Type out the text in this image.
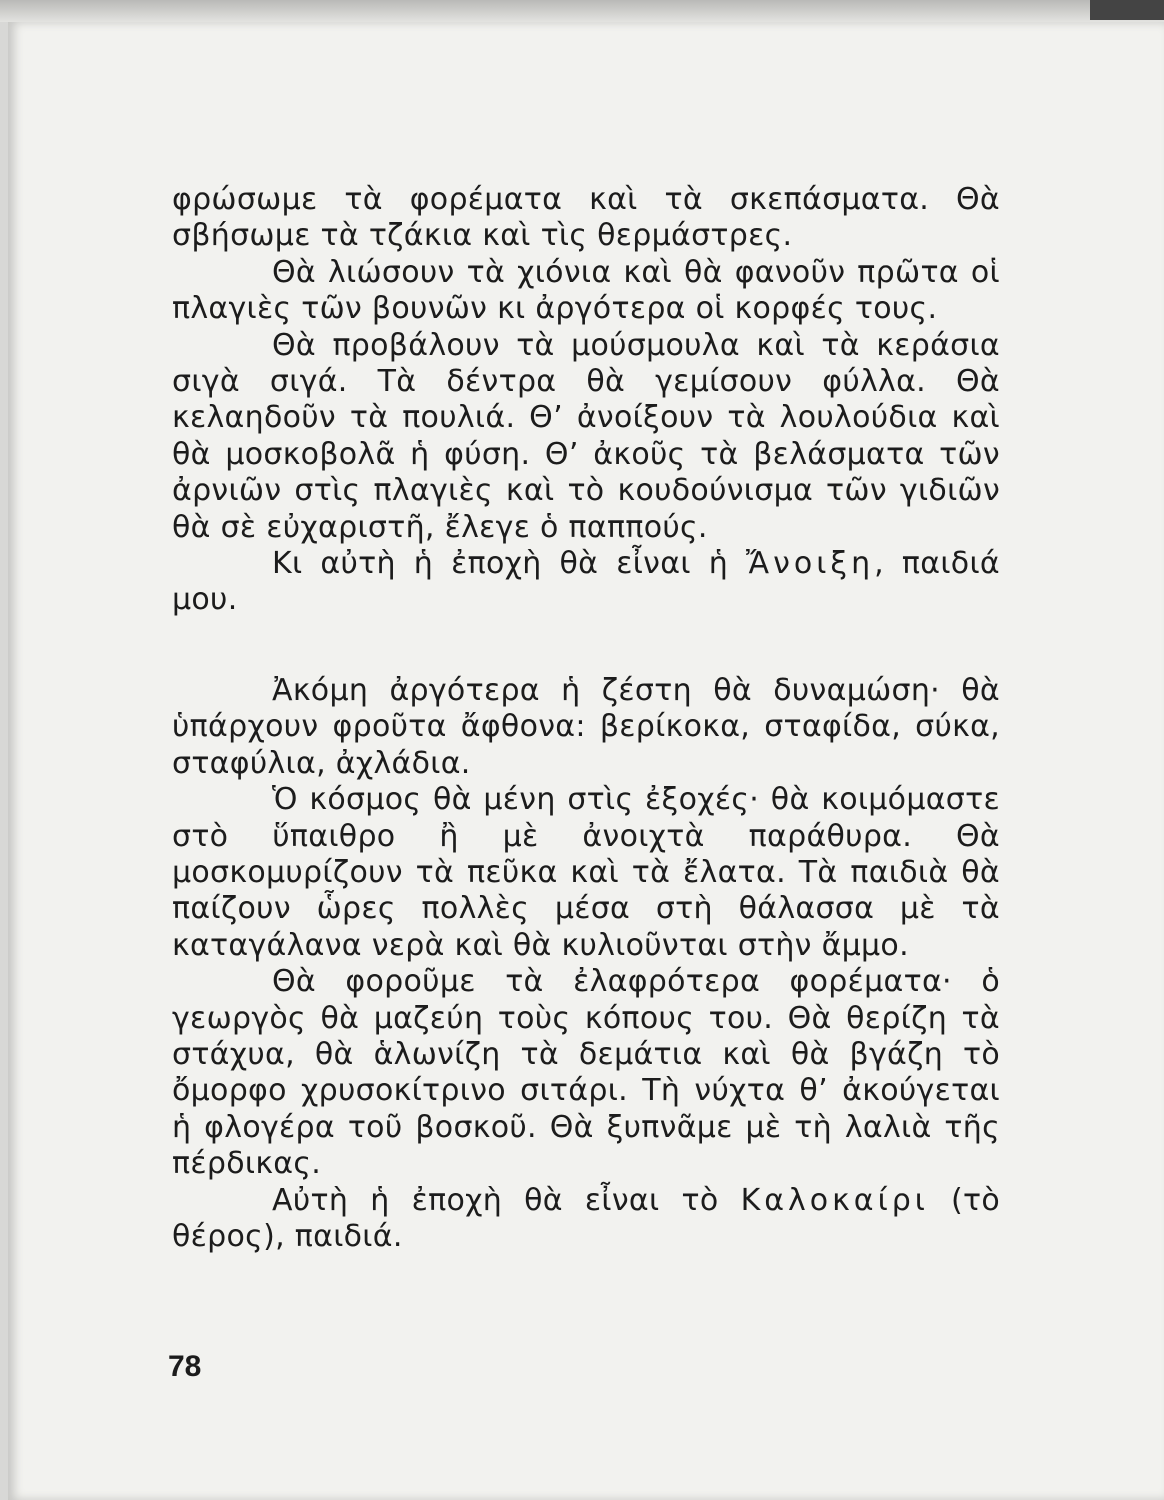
φρώσωμε τὰ φορέματα καὶ τὰ σκεπάσματα. Θὰ σβήσωμε τὰ τζάκια καὶ τὶς θερμάστρες.

Θὰ λιώσουν τὰ χιόνια καὶ θὰ φανοῦν πρῶτα οἱ πλαγιὲς τῶν βουνῶν κι ἀργότερα οἱ κορφές τους.

Θὰ προβάλουν τὰ μούσμουλα καὶ τὰ κεράσια σιγὰ σιγά. Τὰ δέντρα θὰ γεμίσουν φύλλα. Θὰ κελαηδοῦν τὰ πουλιά. Θ’ ἀνοίξουν τὰ λουλούδια καὶ θὰ μοσκοβολᾶ ἡ φύση. Θ’ ἀκοῦς τὰ βελάσματα τῶν ἀρνιῶν στὶς πλαγιὲς καὶ τὸ κουδούνισμα τῶν γιδιῶν θὰ σὲ εὐχαριστῆ, ἔλεγε ὁ παππούς.

Κι αὐτὴ ἡ ἐποχὴ θὰ εἶναι ἡ Ἄνοιξη, παιδιά μου.

Ἀκόμη ἀργότερα ἡ ζέστη θὰ δυναμώση· θὰ ὑπάρχουν φροῦτα ἄφθονα: βερίκοκα, σταφίδα, σύκα, σταφύλια, ἀχλάδια.

Ὁ κόσμος θὰ μένη στὶς ἐξοχές· θὰ κοιμόμαστε στὸ ὕπαιθρο ἢ μὲ ἀνοιχτὰ παράθυρα. Θὰ μοσκομυρίζουν τὰ πεῦκα καὶ τὰ ἔλατα. Τὰ παιδιὰ θὰ παίζουν ὧρες πολλὲς μέσα στὴ θάλασσα μὲ τὰ καταγάλανα νερὰ καὶ θὰ κυλιοῦνται στὴν ἄμμο.

Θὰ φοροῦμε τὰ ἐλαφρότερα φορέματα· ὁ γεωργὸς θὰ μαζεύη τοὺς κόπους του. Θὰ θερίζη τὰ στάχυα, θὰ ἁλωνίζη τὰ δεμάτια καὶ θὰ βγάζη τὸ ὄμορφο χρυσοκίτρινο σιτάρι. Τὴ νύχτα θ’ ἀκούγεται ἡ φλογέρα τοῦ βοσκοῦ. Θὰ ξυπνᾶμε μὲ τὴ λαλιὰ τῆς πέρδικας.

Αὐτὴ ἡ ἐποχὴ θὰ εἶναι τὸ Καλοκαίρι (τὸ θέρος), παιδιά.

78
